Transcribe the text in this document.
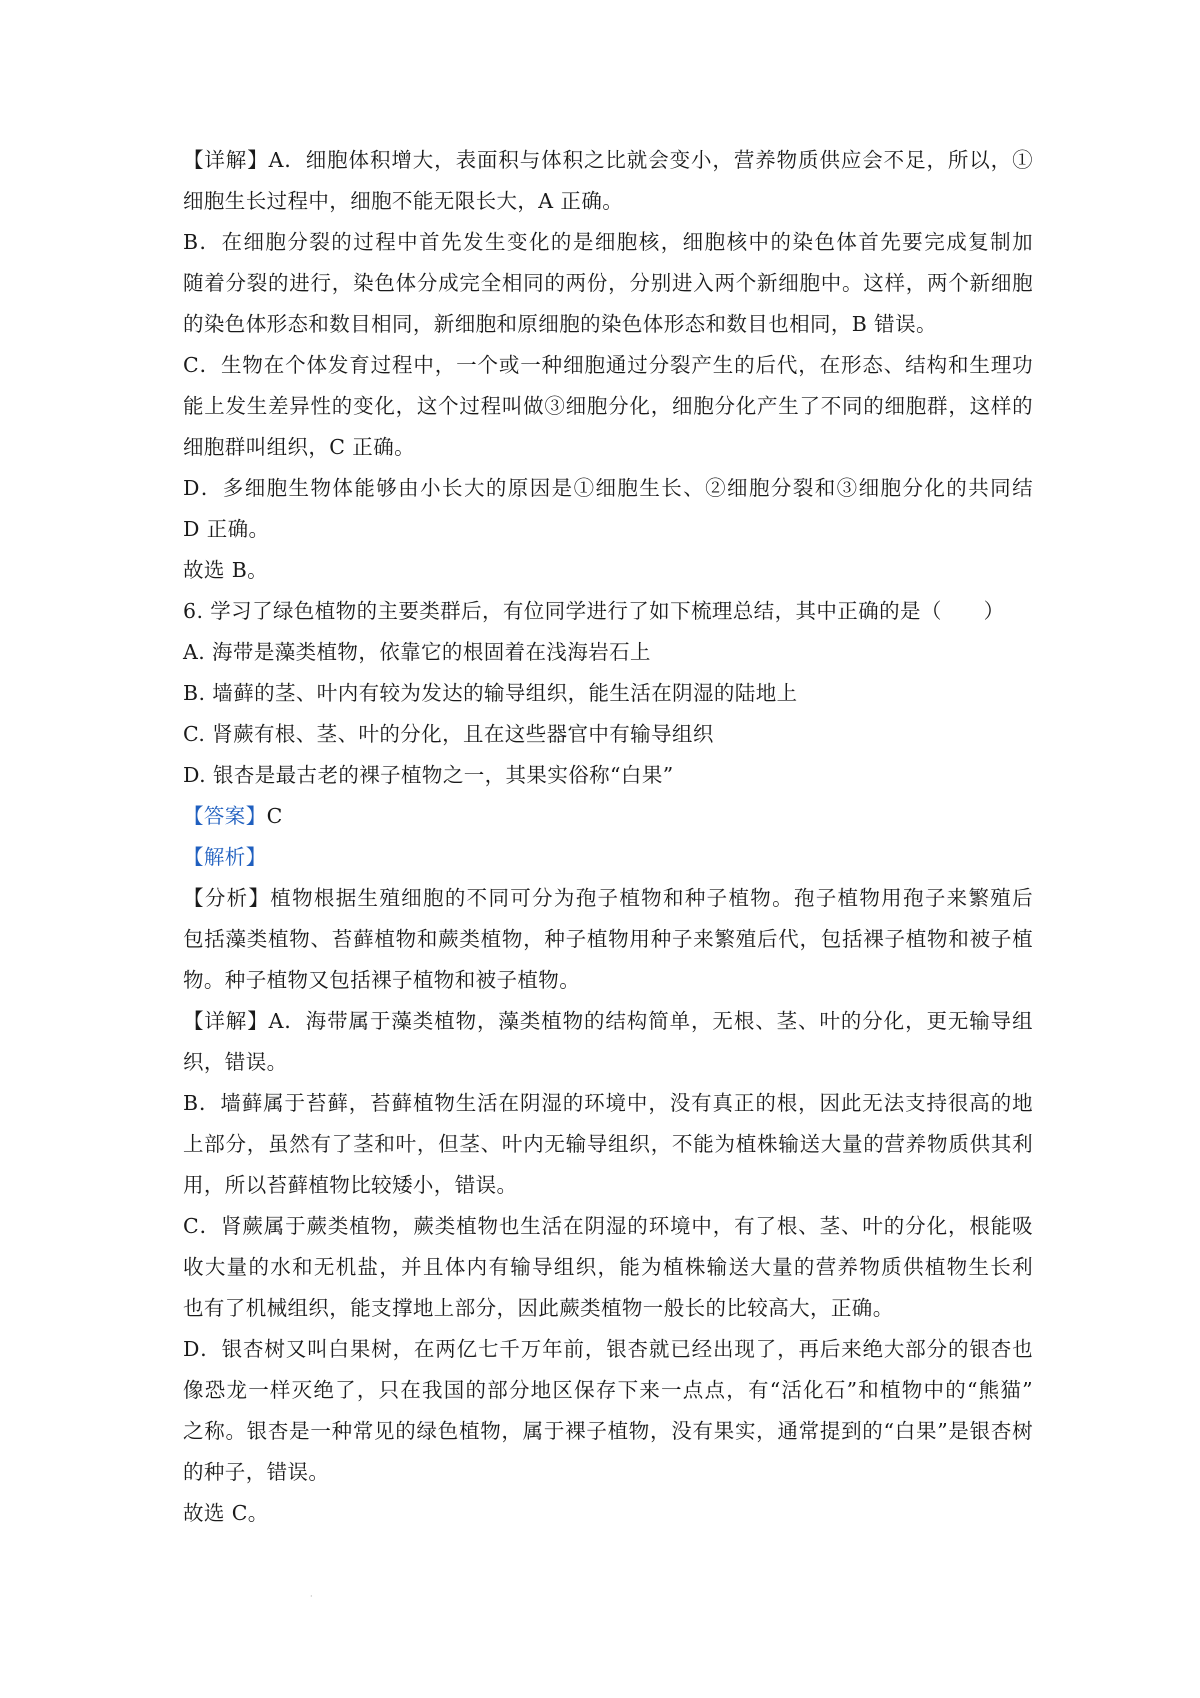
【详解】A．细胞体积增大，表面积与体积之比就会变小，营养物质供应会不足，所以，①
细胞生长过程中，细胞不能无限长大，A 正确。
B．在细胞分裂的过程中首先发生变化的是细胞核，细胞核中的染色体首先要完成复制加
随着分裂的进行，染色体分成完全相同的两份，分别进入两个新细胞中。这样，两个新细胞
的染色体形态和数目相同，新细胞和原细胞的染色体形态和数目也相同，B 错误。
C．生物在个体发育过程中，一个或一种细胞通过分裂产生的后代，在形态、结构和生理功
能上发生差异性的变化，这个过程叫做③细胞分化，细胞分化产生了不同的细胞群，这样的
细胞群叫组织，C 正确。
D．多细胞生物体能够由小长大的原因是①细胞生长、②细胞分裂和③细胞分化的共同结
D 正确。
故选 B。
6. 学习了绿色植物的主要类群后，有位同学进行了如下梳理总结，其中正确的是（　　）
A. 海带是藻类植物，依靠它的根固着在浅海岩石上
B. 墙藓的茎、叶内有较为发达的输导组织，能生活在阴湿的陆地上
C. 肾蕨有根、茎、叶的分化，且在这些器官中有输导组织
D. 银杏是最古老的裸子植物之一，其果实俗称“白果”
【答案】C
【解析】
【分析】植物根据生殖细胞的不同可分为孢子植物和种子植物。孢子植物用孢子来繁殖后
包括藻类植物、苔藓植物和蕨类植物，种子植物用种子来繁殖后代，包括裸子植物和被子植
物。种子植物又包括裸子植物和被子植物。
【详解】A．海带属于藻类植物，藻类植物的结构简单，无根、茎、叶的分化，更无输导组
织，错误。
B．墙藓属于苔藓，苔藓植物生活在阴湿的环境中，没有真正的根，因此无法支持很高的地
上部分，虽然有了茎和叶，但茎、叶内无输导组织，不能为植株输送大量的营养物质供其利
用，所以苔藓植物比较矮小，错误。
C．肾蕨属于蕨类植物，蕨类植物也生活在阴湿的环境中，有了根、茎、叶的分化，根能吸
收大量的水和无机盐，并且体内有输导组织，能为植株输送大量的营养物质供植物生长利
也有了机械组织，能支撑地上部分，因此蕨类植物一般长的比较高大，正确。
D．银杏树又叫白果树，在两亿七千万年前，银杏就已经出现了，再后来绝大部分的银杏也
像恐龙一样灭绝了，只在我国的部分地区保存下来一点点，有“活化石”和植物中的“熊猫”
之称。银杏是一种常见的绿色植物，属于裸子植物，没有果实，通常提到的“白果”是银杏树
的种子，错误。
故选 C。
·
